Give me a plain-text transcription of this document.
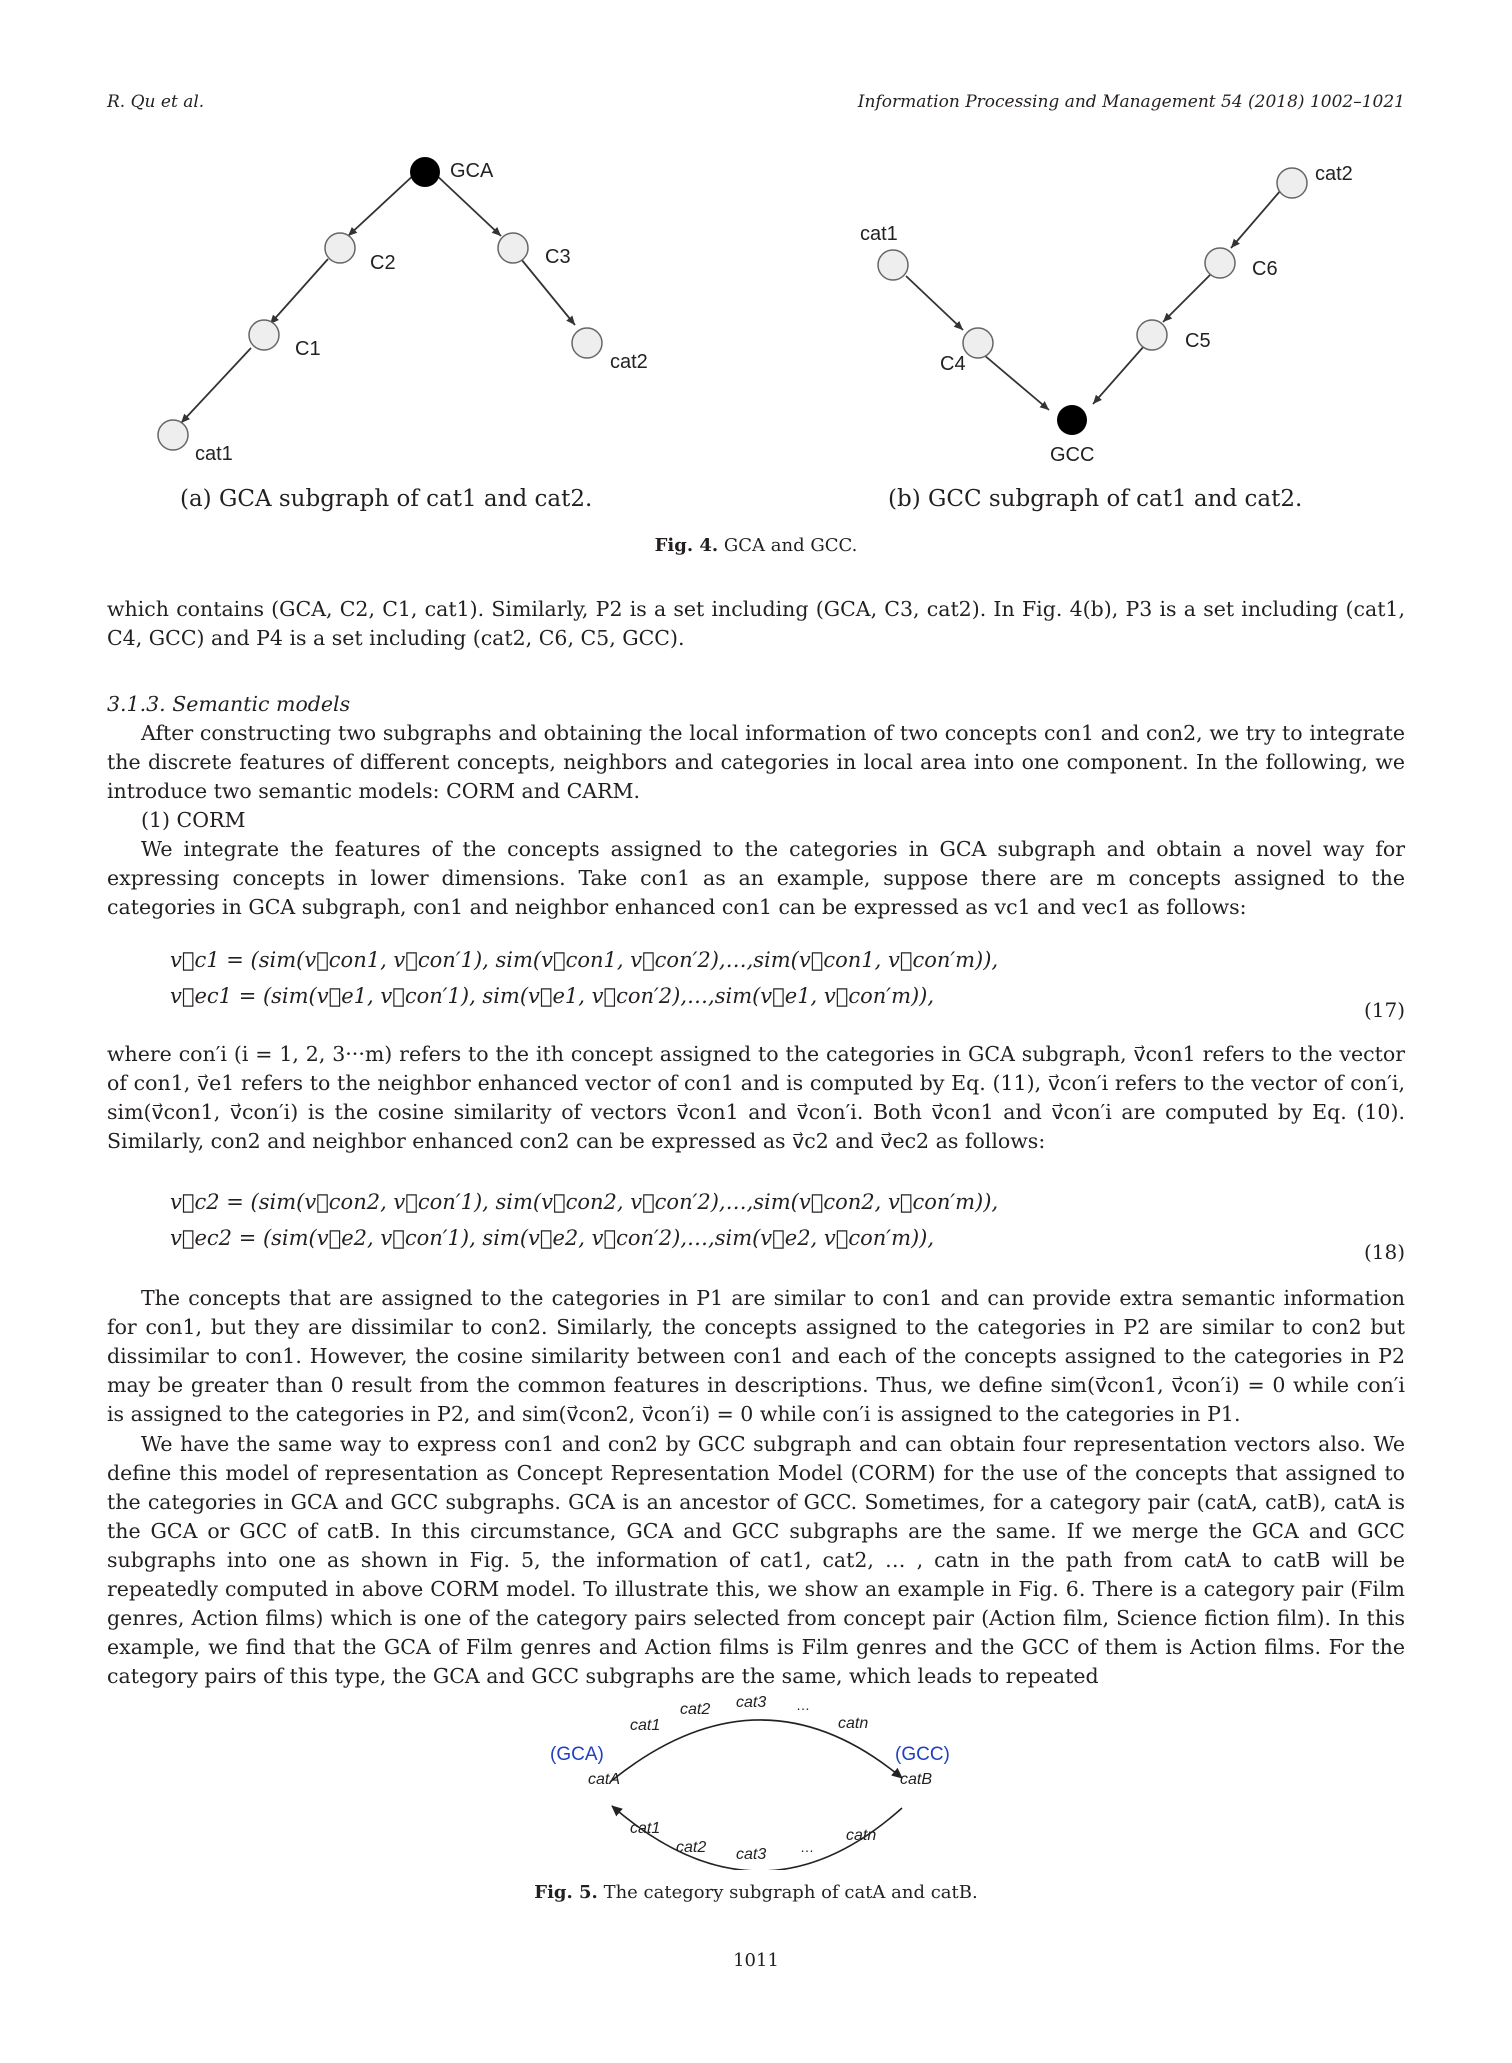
R. Qu et al.	Information Processing and Management 54 (2018) 1002–1021
GCA
C2	C3
C1
cat2
cat1
(a) GCA subgraph of cat1 and cat2.
cat2
C6
C5
cat1
C4
GCC
(b) GCC subgraph of cat1 and cat2.
Fig. 4. GCA and GCC.
which contains (GCA, C2, C1, cat1). Similarly, P2 is a set including (GCA, C3, cat2). In Fig. 4(b), P3 is a set including (cat1, C4, GCC) and P4 is a set including (cat2, C6, C5, GCC).
3.1.3. Semantic models
After constructing two subgraphs and obtaining the local information of two concepts con1 and con2, we try to integrate the discrete features of different concepts, neighbors and categories in local area into one component. In the following, we introduce two semantic models: CORM and CARM.
(1) CORM
We integrate the features of the concepts assigned to the categories in GCA subgraph and obtain a novel way for expressing concepts in lower dimensions. Take con1 as an example, suppose there are m concepts assigned to the categories in GCA subgraph, con1 and neighbor enhanced con1 can be expressed as vc1 and vec1 as follows:
v⃗c1 = (sim(v⃗con1, v⃗con′1), sim(v⃗con1, v⃗con′2),…,sim(v⃗con1, v⃗con′m)),
v⃗ec1 = (sim(v⃗e1, v⃗con′1), sim(v⃗e1, v⃗con′2),…,sim(v⃗e1, v⃗con′m)),
(17)
where con′i (i = 1, 2, 3···m) refers to the ith concept assigned to the categories in GCA subgraph, v⃗con1 refers to the vector of con1, v⃗e1 refers to the neighbor enhanced vector of con1 and is computed by Eq. (11), v⃗con′i refers to the vector of con′i, sim(v⃗con1, v⃗con′i) is the cosine similarity of vectors v⃗con1 and v⃗con′i. Both v⃗con1 and v⃗con′i are computed by Eq. (10). Similarly, con2 and neighbor enhanced con2 can be expressed as v⃗c2 and v⃗ec2 as follows:
v⃗c2 = (sim(v⃗con2, v⃗con′1), sim(v⃗con2, v⃗con′2),…,sim(v⃗con2, v⃗con′m)),
v⃗ec2 = (sim(v⃗e2, v⃗con′1), sim(v⃗e2, v⃗con′2),…,sim(v⃗e2, v⃗con′m)),
(18)
The concepts that are assigned to the categories in P1 are similar to con1 and can provide extra semantic information for con1, but they are dissimilar to con2. Similarly, the concepts assigned to the categories in P2 are similar to con2 but dissimilar to con1. However, the cosine similarity between con1 and each of the concepts assigned to the categories in P2 may be greater than 0 result from the common features in descriptions. Thus, we define sim(v⃗con1, v⃗con′i) = 0 while con′i is assigned to the categories in P2, and sim(v⃗con2, v⃗con′i) = 0 while con′i is assigned to the categories in P1.
We have the same way to express con1 and con2 by GCC subgraph and can obtain four representation vectors also. We define this model of representation as Concept Representation Model (CORM) for the use of the concepts that assigned to the categories in GCA and GCC subgraphs. GCA is an ancestor of GCC. Sometimes, for a category pair (catA, catB), catA is the GCA or GCC of catB. In this circumstance, GCA and GCC subgraphs are the same. If we merge the GCA and GCC subgraphs into one as shown in Fig. 5, the information of cat1, cat2, … , catn in the path from catA to catB will be repeatedly computed in above CORM model. To illustrate this, we show an example in Fig. 6. There is a category pair (Film genres, Action films) which is one of the category pairs selected from concept pair (Action film, Science fiction film). In this example, we find that the GCA of Film genres and Action films is Film genres and the GCC of them is Action films. For the category pairs of this type, the GCA and GCC subgraphs are the same, which leads to repeated
(GCA)	(GCC)
catA	catB
cat1
cat2 cat3 …
catn
cat1
cat2 cat3 …
catn
Fig. 5. The category subgraph of catA and catB.
1011
